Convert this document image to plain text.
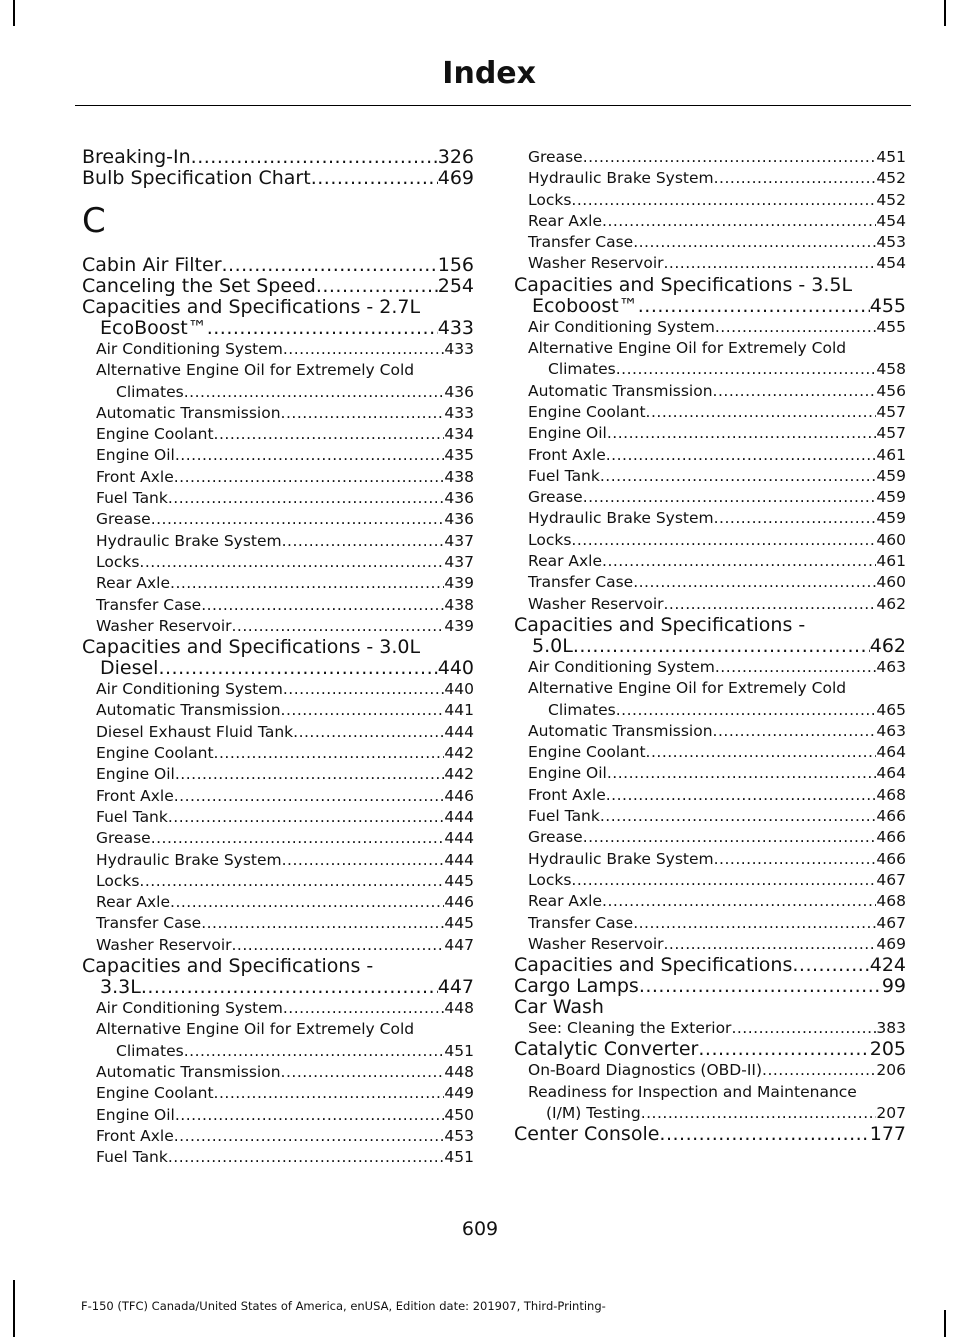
Index
Breaking-In .....	326
Bulb Specification Chart .....	469
C
Cabin Air Filter .....	156
Canceling the Set Speed .....	254
Capacities and Specifications - 2.7L
EcoBoost™ .....	433
Air Conditioning System .....	433
Alternative Engine Oil for Extremely Cold
Climates .....	436
Automatic Transmission .....	433
Engine Coolant .....	434
Engine Oil .....	435
Front Axle .....	438
Fuel Tank .....	436
Grease .....	436
Hydraulic Brake System .....	437
Locks .....	437
Rear Axle .....	439
Transfer Case .....	438
Washer Reservoir .....	439
Capacities and Specifications - 3.0L
Diesel .....	440
Air Conditioning System .....	440
Automatic Transmission .....	441
Diesel Exhaust Fluid Tank .....	444
Engine Coolant .....	442
Engine Oil .....	442
Front Axle .....	446
Fuel Tank .....	444
Grease .....	444
Hydraulic Brake System .....	444
Locks .....	445
Rear Axle .....	446
Transfer Case .....	445
Washer Reservoir .....	447
Capacities and Specifications -
3.3L .....	447
Air Conditioning System .....	448
Alternative Engine Oil for Extremely Cold
Climates .....	451
Automatic Transmission .....	448
Engine Coolant .....	449
Engine Oil .....	450
Front Axle .....	453
Fuel Tank .....	451
Grease .....	451
Hydraulic Brake System .....	452
Locks .....	452
Rear Axle .....	454
Transfer Case .....	453
Washer Reservoir .....	454
Capacities and Specifications - 3.5L
Ecoboost™ .....	455
Air Conditioning System .....	455
Alternative Engine Oil for Extremely Cold
Climates .....	458
Automatic Transmission .....	456
Engine Coolant .....	457
Engine Oil .....	457
Front Axle .....	461
Fuel Tank .....	459
Grease .....	459
Hydraulic Brake System .....	459
Locks .....	460
Rear Axle .....	461
Transfer Case .....	460
Washer Reservoir .....	462
Capacities and Specifications -
5.0L .....	462
Air Conditioning System .....	463
Alternative Engine Oil for Extremely Cold
Climates .....	465
Automatic Transmission .....	463
Engine Coolant .....	464
Engine Oil .....	464
Front Axle .....	468
Fuel Tank .....	466
Grease .....	466
Hydraulic Brake System .....	466
Locks .....	467
Rear Axle .....	468
Transfer Case .....	467
Washer Reservoir .....	469
Capacities and Specifications .....	424
Cargo Lamps .....	99
Car Wash
See: Cleaning the Exterior .....	383
Catalytic Converter .....	205
On-Board Diagnostics (OBD-II) .....	206
Readiness for Inspection and Maintenance
(I/M) Testing .....	207
Center Console .....	177
609
F-150 (TFC) Canada/United States of America, enUSA, Edition date: 201907, Third-Printing-
